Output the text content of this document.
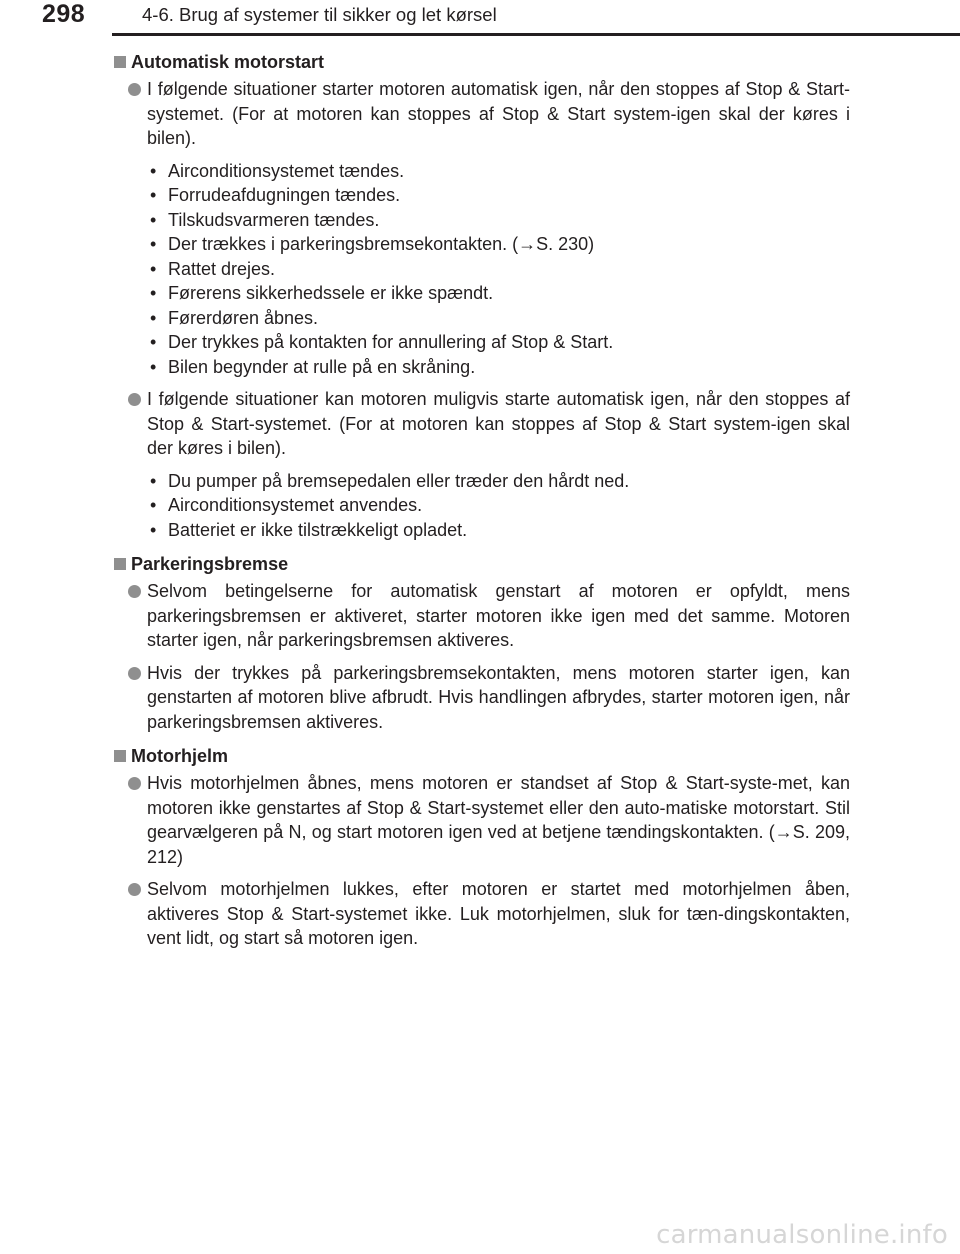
298	4-6. Brug af systemer til sikker og let kørsel
Automatisk motorstart
I følgende situationer starter motoren automatisk igen, når den stoppes af Stop & Start-systemet. (For at motoren kan stoppes af Stop & Start system-igen skal der køres i bilen).
• Airconditionsystemet tændes.
• Forrudeafdugningen tændes.
• Tilskudsvarmeren tændes.
• Der trækkes i parkeringsbremsekontakten. (→S. 230)
• Rattet drejes.
• Førerens sikkerhedssele er ikke spændt.
• Førerdøren åbnes.
• Der trykkes på kontakten for annullering af Stop & Start.
• Bilen begynder at rulle på en skråning.
I følgende situationer kan motoren muligvis starte automatisk igen, når den stoppes af Stop & Start-systemet. (For at motoren kan stoppes af Stop & Start system-igen skal der køres i bilen).
• Du pumper på bremsepedalen eller træder den hårdt ned.
• Airconditionsystemet anvendes.
• Batteriet er ikke tilstrækkeligt opladet.
Parkeringsbremse
Selvom betingelserne for automatisk genstart af motoren er opfyldt, mens parkeringsbremsen er aktiveret, starter motoren ikke igen med det samme. Motoren starter igen, når parkeringsbremsen aktiveres.
Hvis der trykkes på parkeringsbremsekontakten, mens motoren starter igen, kan genstarten af motoren blive afbrudt. Hvis handlingen afbrydes, starter motoren igen, når parkeringsbremsen aktiveres.
Motorhjelm
Hvis motorhjelmen åbnes, mens motoren er standset af Stop & Start-syste-met, kan motoren ikke genstartes af Stop & Start-systemet eller den auto-matiske motorstart. Stil gearvælgeren på N, og start motoren igen ved at betjene tændingskontakten. (→S. 209, 212)
Selvom motorhjelmen lukkes, efter motoren er startet med motorhjelmen åben, aktiveres Stop & Start-systemet ikke. Luk motorhjelmen, sluk for tæn-dingskontakten, vent lidt, og start så motoren igen.
carmanualsonline.info
